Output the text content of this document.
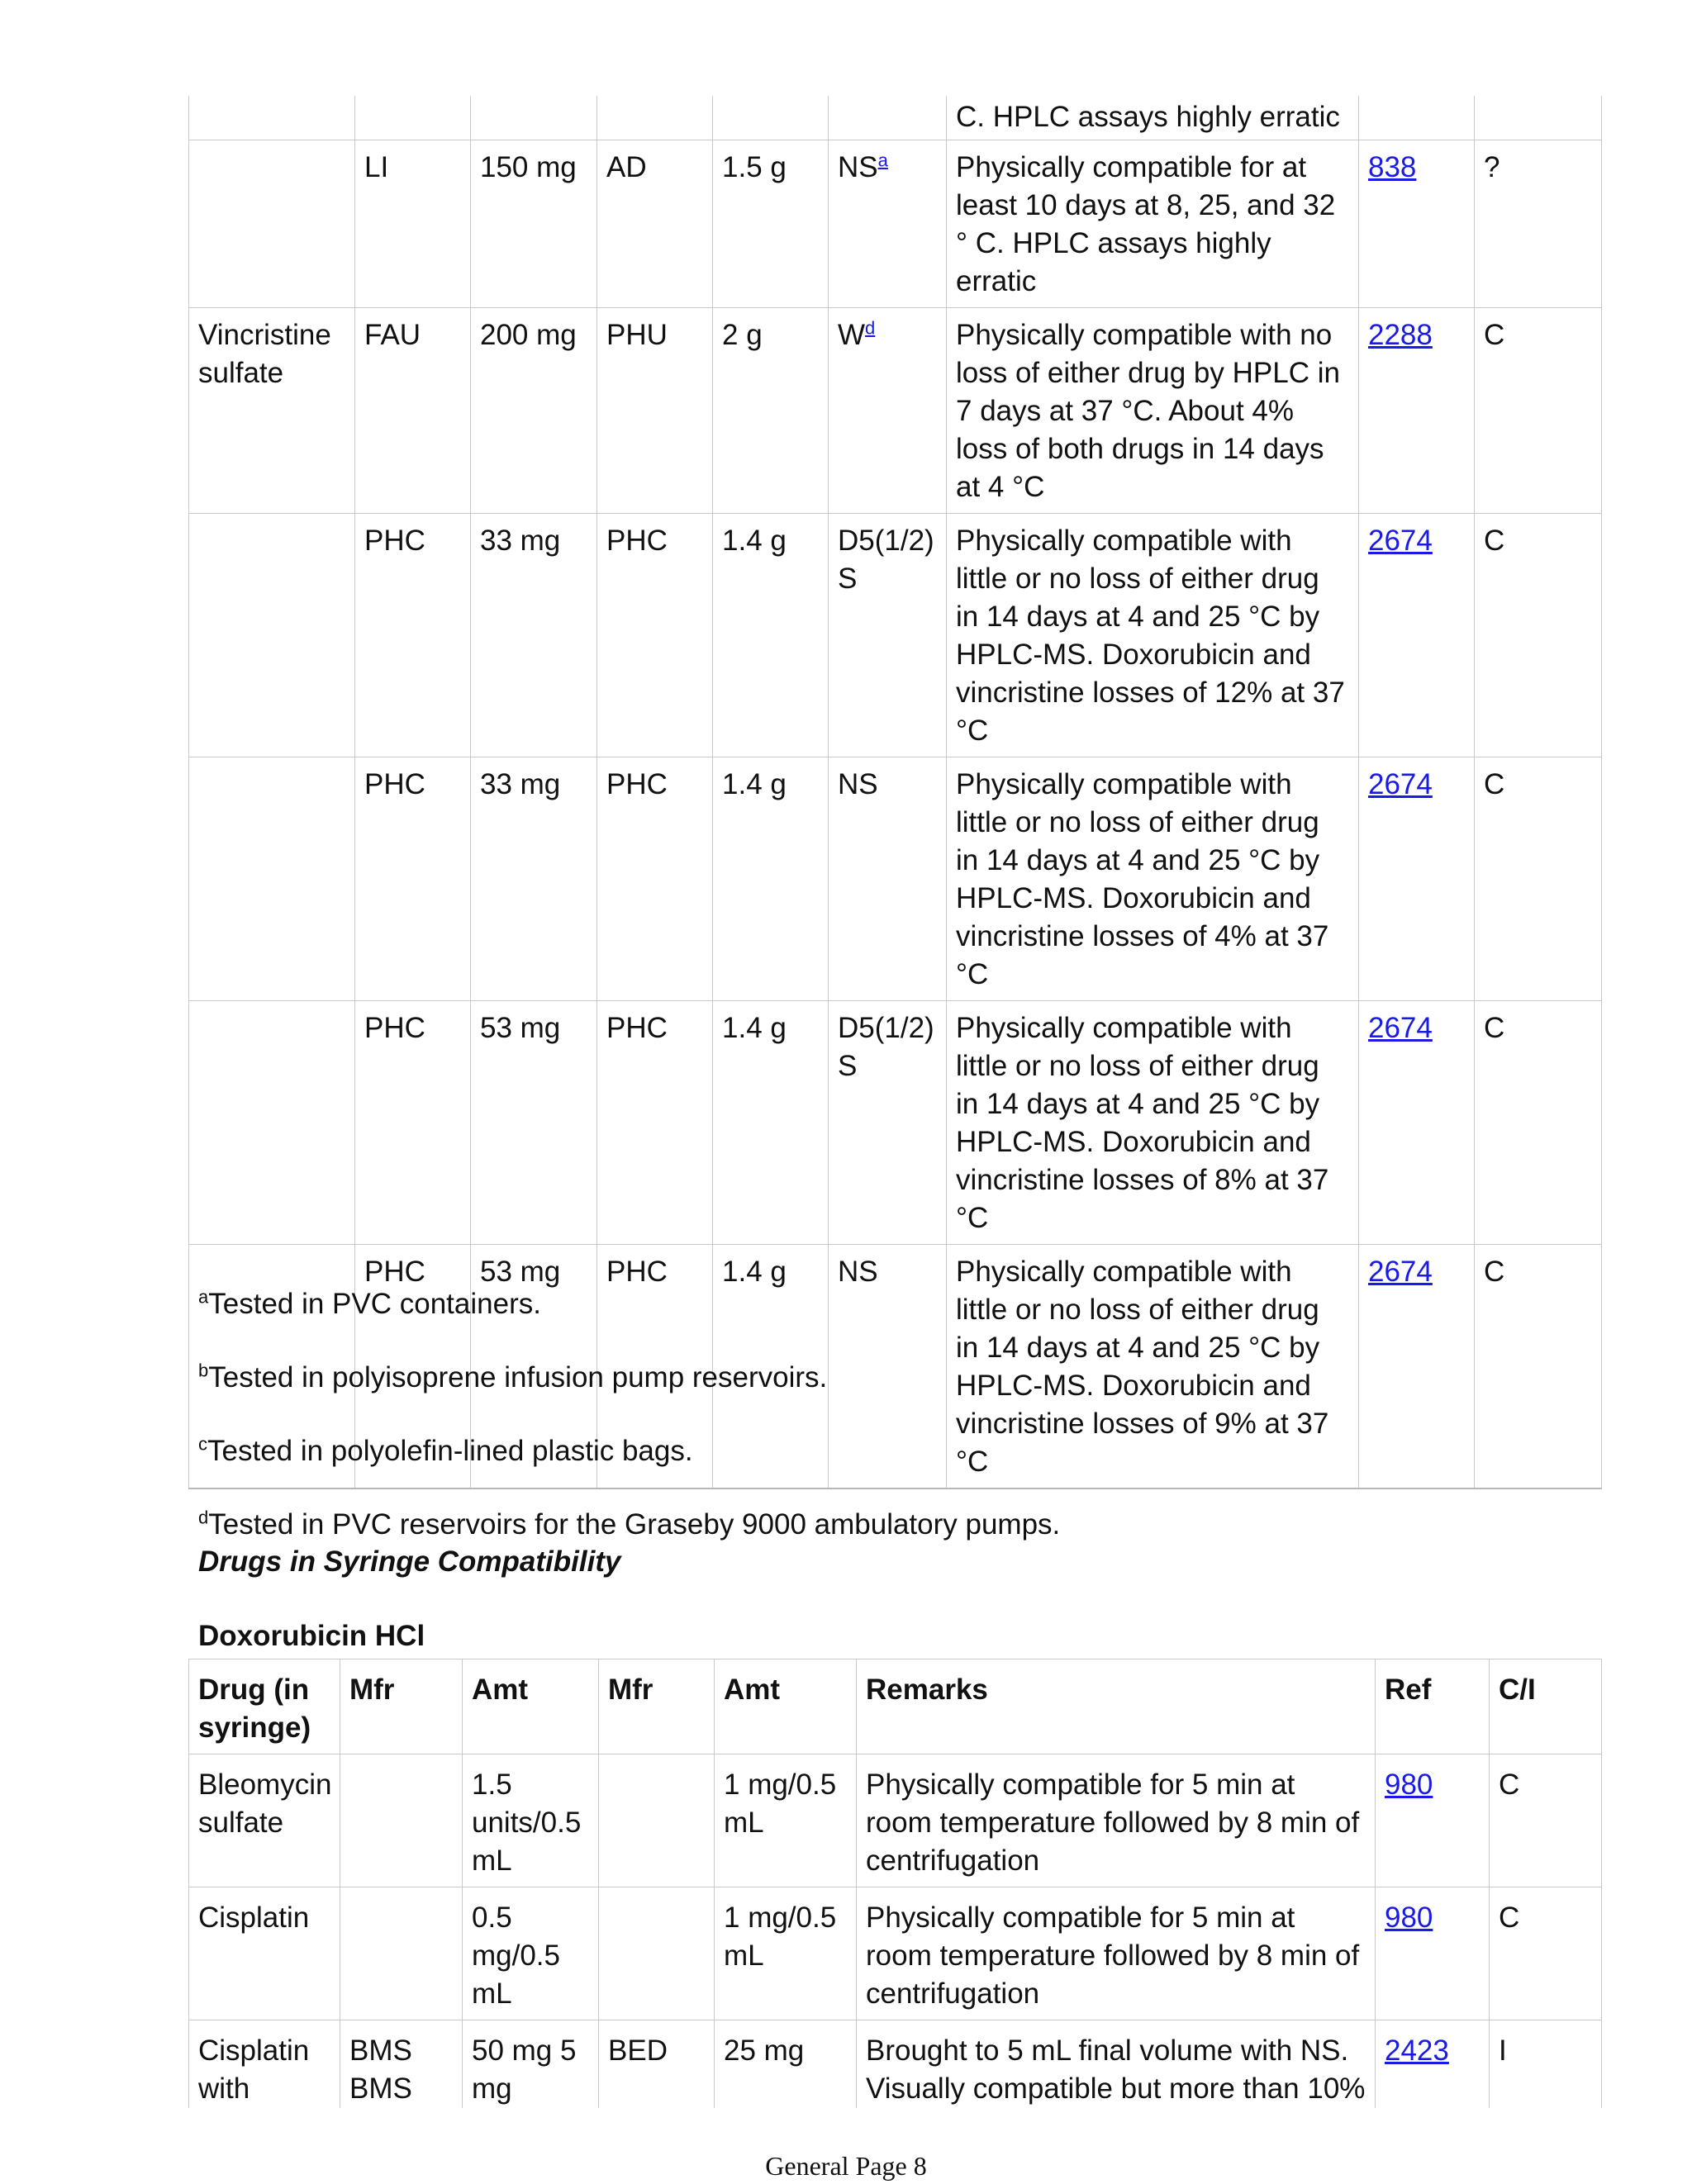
						C. HPLC assays highly erratic		
	LI	150 mg	AD	1.5 g	NS$^a$	Physically compatible for at least 10 days at 8, 25, and 32 ° C. HPLC assays highly erratic	838	?
Vincristine sulfate	FAU	200 mg	PHU	2 g	W$^d$	Physically compatible with no loss of either drug by HPLC in 7 days at 37 °C. About 4% loss of both drugs in 14 days at 4 °C	2288	C
	PHC	33 mg	PHC	1.4 g	D5(1/2) S	Physically compatible with little or no loss of either drug in 14 days at 4 and 25 °C by HPLC-MS. Doxorubicin and vincristine losses of 12% at 37 °C	2674	C
	PHC	33 mg	PHC	1.4 g	NS	Physically compatible with little or no loss of either drug in 14 days at 4 and 25 °C by HPLC-MS. Doxorubicin and vincristine losses of 4% at 37 °C	2674	C
	PHC	53 mg	PHC	1.4 g	D5(1/2) S	Physically compatible with little or no loss of either drug in 14 days at 4 and 25 °C by HPLC-MS. Doxorubicin and vincristine losses of 8% at 37 °C	2674	C
	PHC	53 mg	PHC	1.4 g	NS	Physically compatible with little or no loss of either drug in 14 days at 4 and 25 °C by HPLC-MS. Doxorubicin and vincristine losses of 9% at 37 °C	2674	C
$^a$Tested in PVC containers.
$^b$Tested in polyisoprene infusion pump reservoirs.
$^c$Tested in polyolefin-lined plastic bags.
$^d$Tested in PVC reservoirs for the Graseby 9000 ambulatory pumps.
Drugs in Syringe Compatibility
Doxorubicin HCl
Drug (in syringe)	Mfr	Amt	Mfr	Amt	Remarks	Ref	C/I
Bleomycin sulfate		1.5 units/0.5 mL		1 mg/0.5 mL	Physically compatible for 5 min at room temperature followed by 8 min of centrifugation	980	C
Cisplatin		0.5 mg/0.5 mL		1 mg/0.5 mL	Physically compatible for 5 min at room temperature followed by 8 min of centrifugation	980	C
Cisplatin with	BMS BMS	50 mg 5 mg	BED	25 mg	Brought to 5 mL final volume with NS. Visually compatible but more than 10%	2423	I
General Page 8
